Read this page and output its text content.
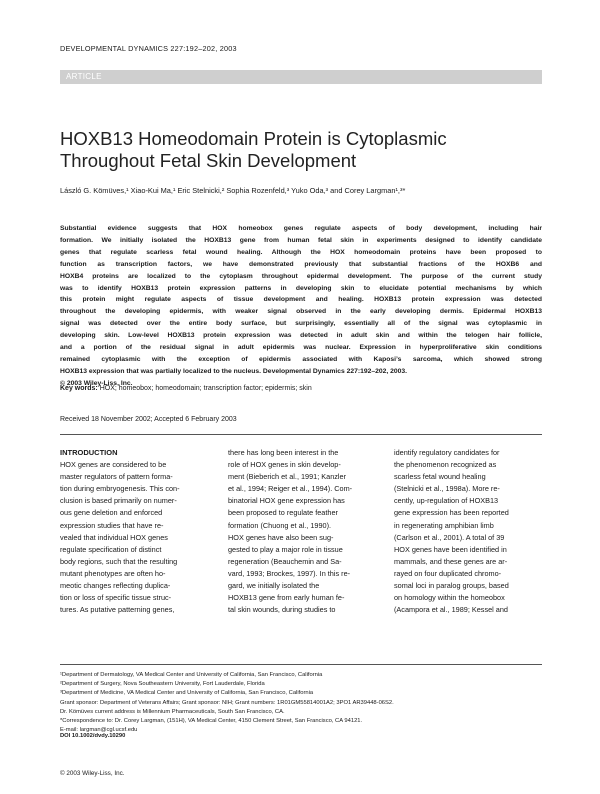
DEVELOPMENTAL DYNAMICS 227:192–202, 2003
ARTICLE
HOXB13 Homeodomain Protein is Cytoplasmic
Throughout Fetal Skin Development
László G. Kömüves,¹ Xiao-Kui Ma,¹ Eric Stelnicki,² Sophia Rozenfeld,³ Yuko Oda,³ and Corey Largman¹,³*
Substantial evidence suggests that HOX homeobox genes regulate aspects of body development, including hair
formation. We initially isolated the HOXB13 gene from human fetal skin in experiments designed to identify candidate
genes that regulate scarless fetal wound healing. Although the HOX homeodomain proteins have been proposed to
function as transcription factors, we have demonstrated previously that substantial fractions of the HOXB6 and
HOXB4 proteins are localized to the cytoplasm throughout epidermal development. The purpose of the current study
was to identify HOXB13 protein expression patterns in developing skin to elucidate potential mechanisms by which
this protein might regulate aspects of tissue development and healing. HOXB13 protein expression was detected
throughout the developing epidermis, with weaker signal observed in the early developing dermis. Epidermal HOXB13
signal was detected over the entire body surface, but surprisingly, essentially all of the signal was cytoplasmic in
developing skin. Low-level HOXB13 protein expression was detected in adult skin and within the telogen hair follicle,
and a portion of the residual signal in adult epidermis was nuclear. Expression in hyperproliferative skin conditions
remained cytoplasmic with the exception of epidermis associated with Kaposi’s sarcoma, which showed strong
HOXB13 expression that was partially localized to the nucleus. Developmental Dynamics 227:192–202, 2003.
© 2003 Wiley-Liss, Inc.
Key words: HOX; homeobox; homeodomain; transcription factor; epidermis; skin
Received 18 November 2002; Accepted 6 February 2003
INTRODUCTION
HOX genes are considered to be
master regulators of pattern forma-
tion during embryogenesis. This con-
clusion is based primarily on numer-
ous gene deletion and enforced
expression studies that have re-
vealed that individual HOX genes
regulate specification of distinct
body regions, such that the resulting
mutant phenotypes are often ho-
meotic changes reflecting duplica-
tion or loss of specific tissue struc-
tures. As putative patterning genes,
there has long been interest in the
role of HOX genes in skin develop-
ment (Bieberich et al., 1991; Kanzler
et al., 1994; Reiger et al., 1994). Com-
binatorial HOX gene expression has
been proposed to regulate feather
formation (Chuong et al., 1990).
HOX genes have also been sug-
gested to play a major role in tissue
regeneration (Beauchemin and Sa-
vard, 1993; Brockes, 1997). In this re-
gard, we initially isolated the
HOXB13 gene from early human fe-
tal skin wounds, during studies to
identify regulatory candidates for
the phenomenon recognized as
scarless fetal wound healing
(Stelnicki et al., 1998a). More re-
cently, up-regulation of HOXB13
gene expression has been reported
in regenerating amphibian limb
(Carlson et al., 2001). A total of 39
HOX genes have been identified in
mammals, and these genes are ar-
rayed on four duplicated chromo-
somal loci in paralog groups, based
on homology within the homeobox
(Acampora et al., 1989; Kessel and
¹Department of Dermatology, VA Medical Center and University of California, San Francisco, California
²Department of Surgery, Nova Southeastern University, Fort Lauderdale, Florida
³Department of Medicine, VA Medical Center and University of California, San Francisco, California
Grant sponsor: Department of Veterans Affairs; Grant sponsor: NIH; Grant numbers: 1R01GM55814001A2; 3PO1 AR39448-06S2.
Dr. Kömüves current address is Millennium Pharmaceuticals, South San Francisco, CA.
*Correspondence to: Dr. Corey Largman, (151H), VA Medical Center, 4150 Clement Street, San Francisco, CA 94121.
E-mail: largman@cgl.ucsf.edu
DOI 10.1002/dvdy.10290
© 2003 Wiley-Liss, Inc.
